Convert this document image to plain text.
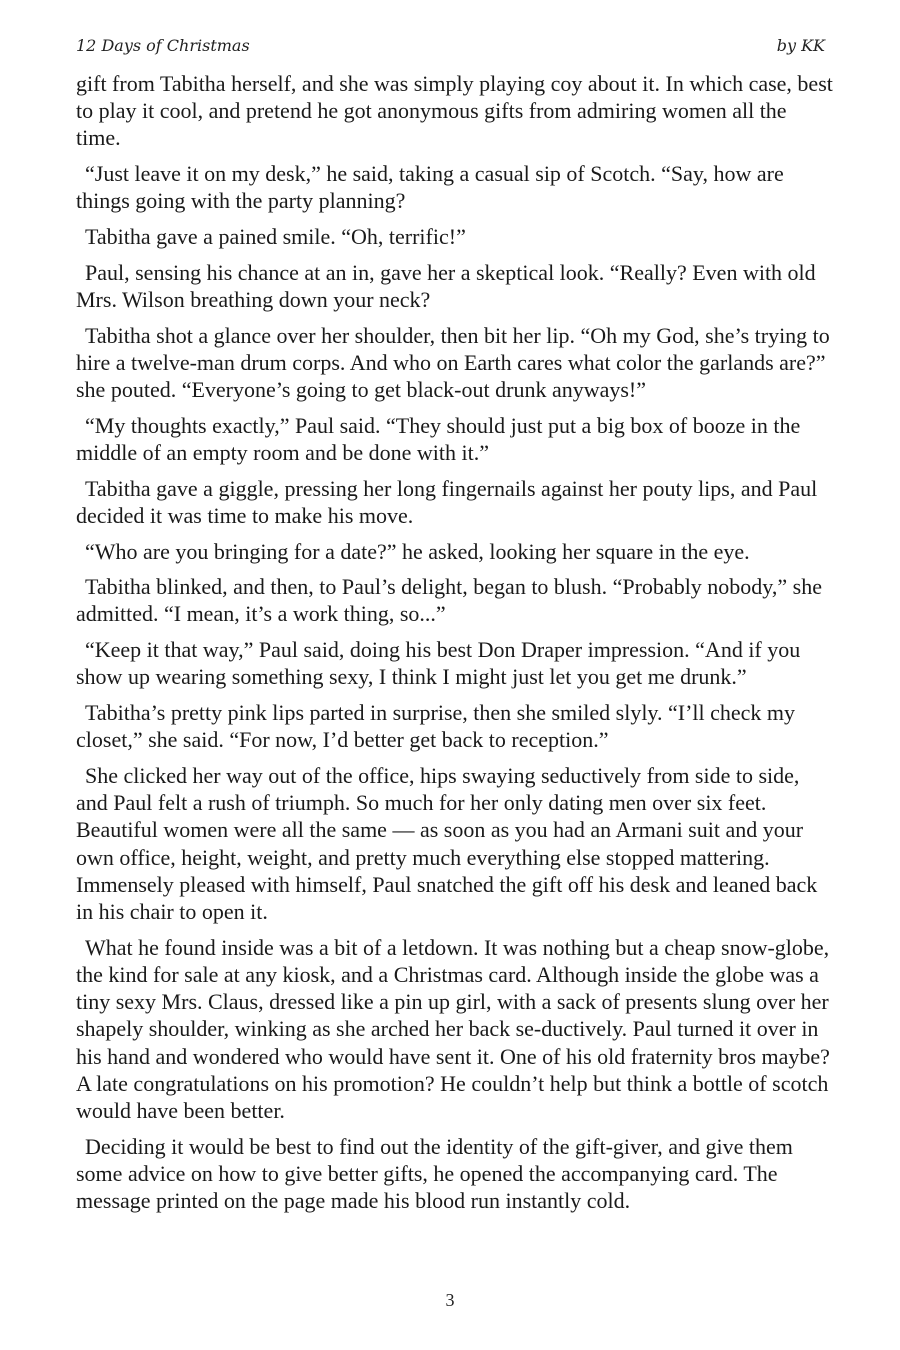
12 Days of Christmas	by KK

gift from Tabitha herself, and she was simply playing coy about it. In which case, best to play it cool, and pretend he got anonymous gifts from admiring women all the time.

“Just leave it on my desk,” he said, taking a casual sip of Scotch. “Say, how are things going with the party planning?

Tabitha gave a pained smile. “Oh, terrific!”

Paul, sensing his chance at an in, gave her a skeptical look. “Really? Even with old Mrs. Wilson breathing down your neck?

Tabitha shot a glance over her shoulder, then bit her lip. “Oh my God, she’s trying to hire a twelve-man drum corps. And who on Earth cares what color the garlands are?” she pouted. “Everyone’s going to get black-out drunk anyways!”

“My thoughts exactly,” Paul said. “They should just put a big box of booze in the middle of an empty room and be done with it.”

Tabitha gave a giggle, pressing her long fingernails against her pouty lips, and Paul decided it was time to make his move.

“Who are you bringing for a date?” he asked, looking her square in the eye.

Tabitha blinked, and then, to Paul’s delight, began to blush. “Probably nobody,” she admitted. “I mean, it’s a work thing, so...”

“Keep it that way,” Paul said, doing his best Don Draper impression. “And if you show up wearing something sexy, I think I might just let you get me drunk.”

Tabitha’s pretty pink lips parted in surprise, then she smiled slyly. “I’ll check my closet,” she said. “For now, I’d better get back to reception.”

She clicked her way out of the office, hips swaying seductively from side to side, and Paul felt a rush of triumph. So much for her only dating men over six feet. Beautiful women were all the same — as soon as you had an Armani suit and your own office, height, weight, and pretty much everything else stopped mattering. Immensely pleased with himself, Paul snatched the gift off his desk and leaned back in his chair to open it.

What he found inside was a bit of a letdown. It was nothing but a cheap snow-globe, the kind for sale at any kiosk, and a Christmas card. Although inside the globe was a tiny sexy Mrs. Claus, dressed like a pin up girl, with a sack of presents slung over her shapely shoulder, winking as she arched her back se-ductively. Paul turned it over in his hand and wondered who would have sent it. One of his old fraternity bros maybe? A late congratulations on his promotion? He couldn’t help but think a bottle of scotch would have been better.

Deciding it would be best to find out the identity of the gift-giver, and give them some advice on how to give better gifts, he opened the accompanying card. The message printed on the page made his blood run instantly cold.

3
